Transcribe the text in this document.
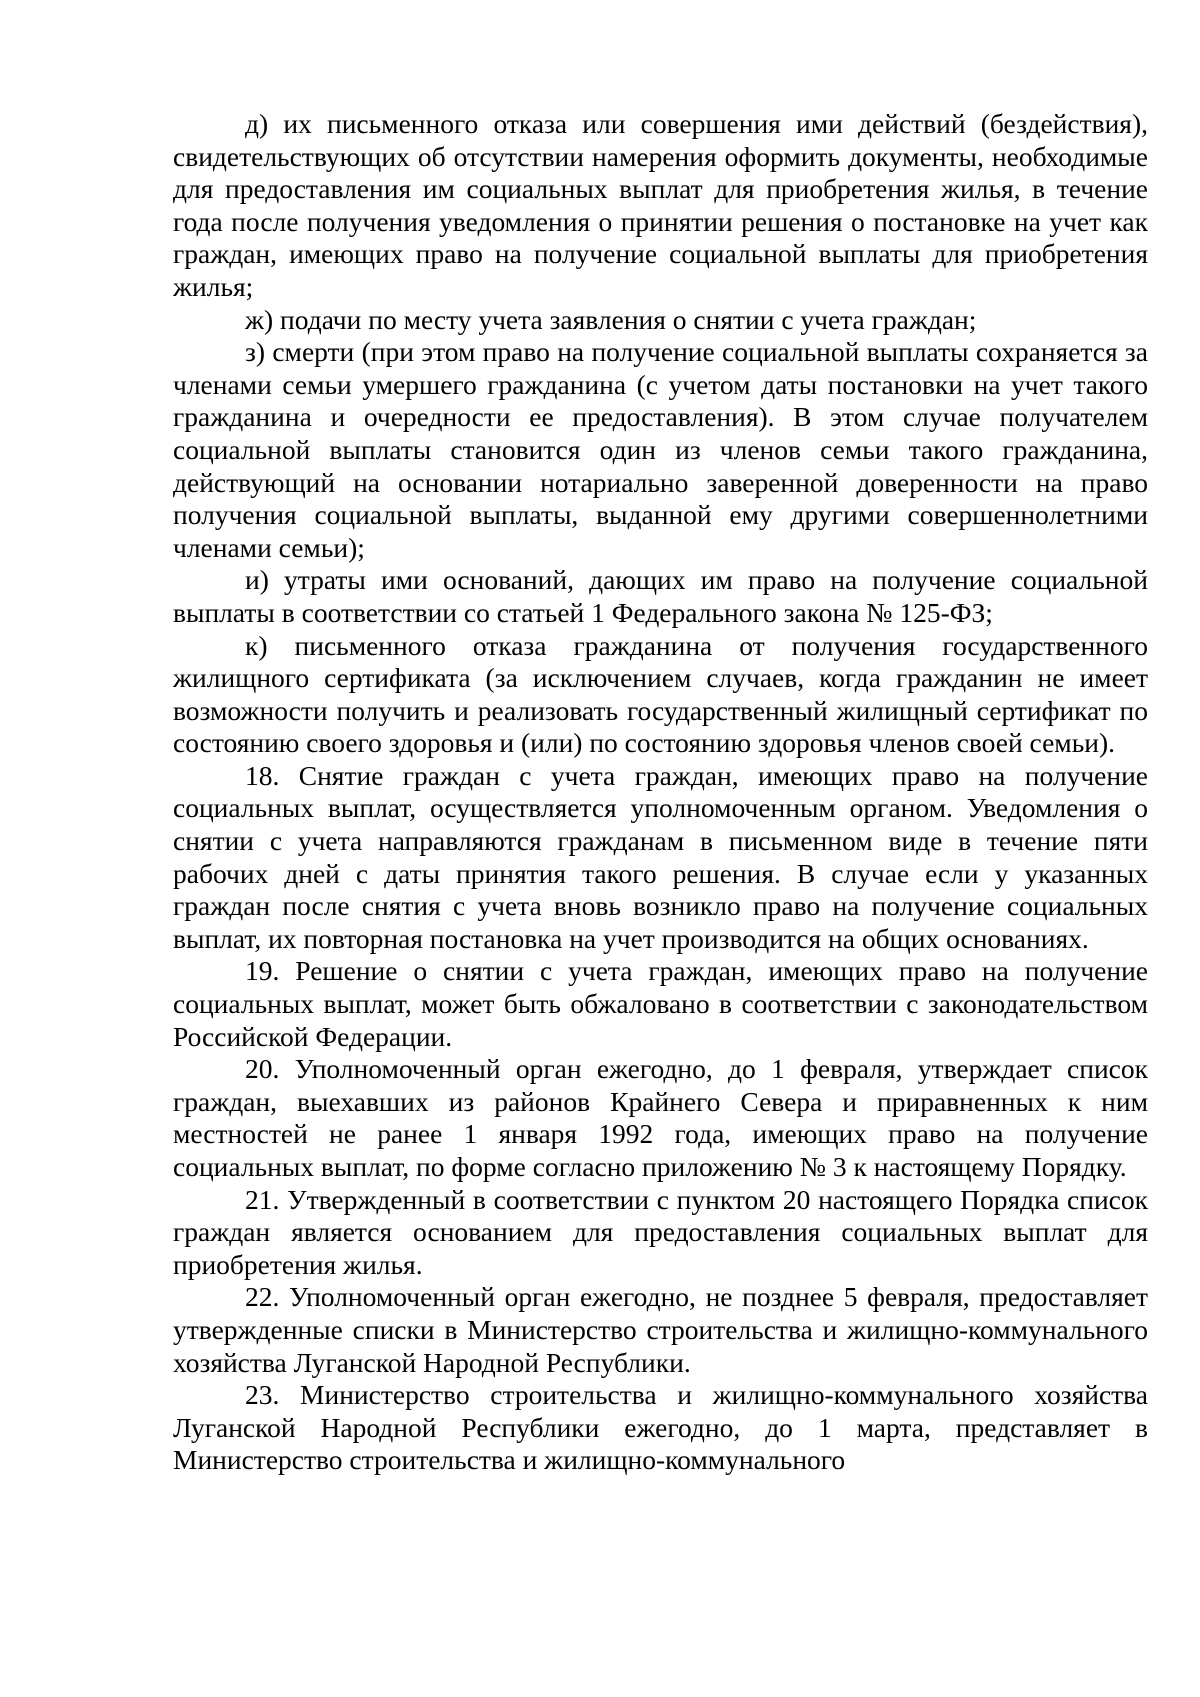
д) их письменного отказа или совершения ими действий (бездействия), свидетельствующих об отсутствии намерения оформить документы, необходимые для предоставления им социальных выплат для приобретения жилья, в течение года после получения уведомления о принятии решения о постановке на учет как граждан, имеющих право на получение социальной выплаты для приобретения жилья;

ж) подачи по месту учета заявления о снятии с учета граждан;

з) смерти (при этом право на получение социальной выплаты сохраняется за членами семьи умершего гражданина (с учетом даты постановки на учет такого гражданина и очередности ее предоставления). В этом случае получателем социальной выплаты становится один из членов семьи такого гражданина, действующий на основании нотариально заверенной доверенности на право получения социальной выплаты, выданной ему другими совершеннолетними членами семьи);

и) утраты ими оснований, дающих им право на получение социальной выплаты в соответствии со статьей 1 Федерального закона № 125-ФЗ;

к) письменного отказа гражданина от получения государственного жилищного сертификата (за исключением случаев, когда гражданин не имеет возможности получить и реализовать государственный жилищный сертификат по состоянию своего здоровья и (или) по состоянию здоровья членов своей семьи).

18. Снятие граждан с учета граждан, имеющих право на получение социальных выплат, осуществляется уполномоченным органом. Уведомления о снятии с учета направляются гражданам в письменном виде в течение пяти рабочих дней с даты принятия такого решения. В случае если у указанных граждан после снятия с учета вновь возникло право на получение социальных выплат, их повторная постановка на учет производится на общих основаниях.

19. Решение о снятии с учета граждан, имеющих право на получение социальных выплат, может быть обжаловано в соответствии с законодательством Российской Федерации.

20. Уполномоченный орган ежегодно, до 1 февраля, утверждает список граждан, выехавших из районов Крайнего Севера и приравненных к ним местностей не ранее 1 января 1992 года, имеющих право на получение социальных выплат, по форме согласно приложению № 3 к настоящему Порядку.

21. Утвержденный в соответствии с пунктом 20 настоящего Порядка список граждан является основанием для предоставления социальных выплат для приобретения жилья.

22. Уполномоченный орган ежегодно, не позднее 5 февраля, предоставляет утвержденные списки в Министерство строительства и жилищно-коммунального хозяйства Луганской Народной Республики.

23. Министерство строительства и жилищно-коммунального хозяйства Луганской Народной Республики ежегодно, до 1 марта, представляет в Министерство строительства и жилищно-коммунального
